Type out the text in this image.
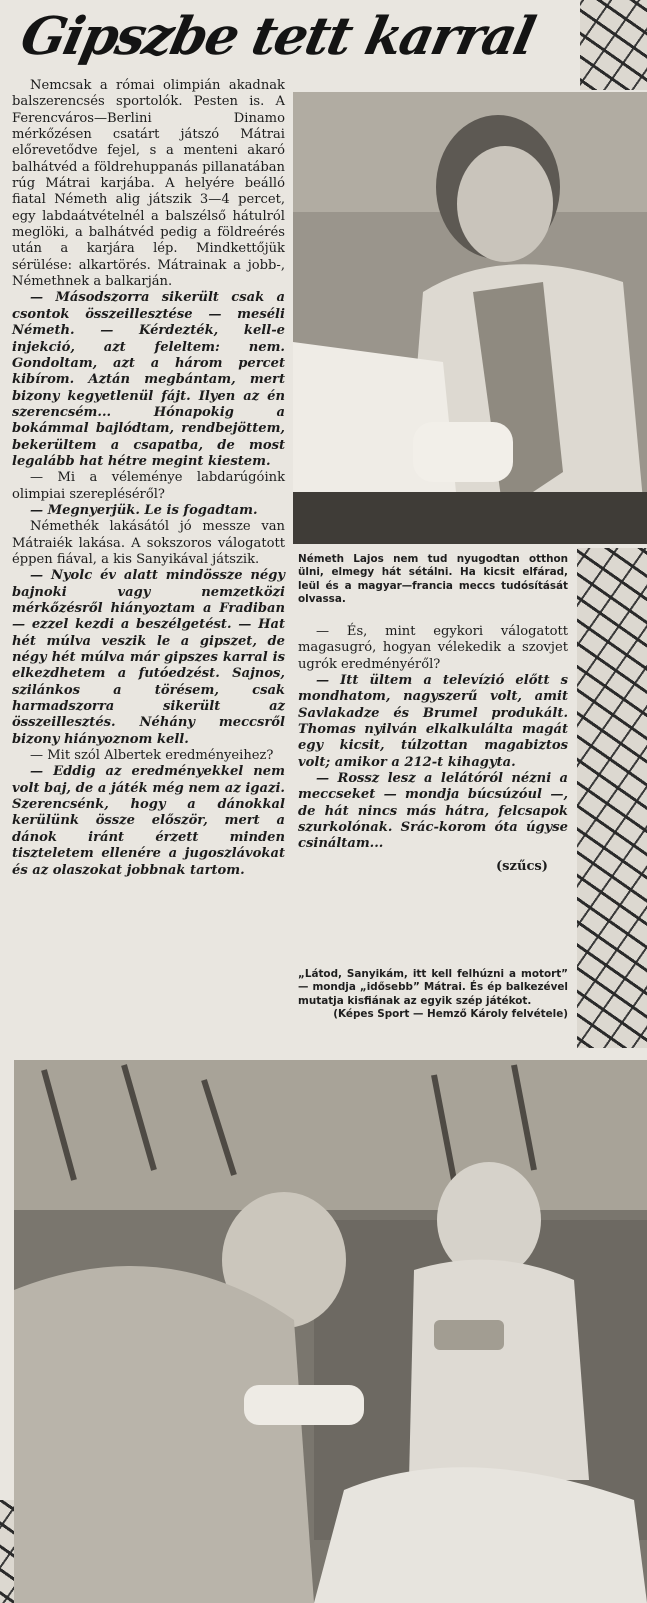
Gipszbe tett karral

Nemcsak a római olimpián akadnak balszerencsés sportolók. Pesten is. A Ferencváros—Berlini Dinamo mérkőzésen csatárt játszó Mátrai előrevetődve fejel, s a menteni akaró balhátvéd a földrehuppanás pillanatában rúg Mátrai karjába. A helyére beálló fiatal Németh alig játszik 3—4 percet, egy labdaátvételnél a balszélső hátulról meglöki, a balhátvéd pedig a földreérés után a karjára lép. Mindkettőjük sérülése: alkartörés. Mátrainak a jobb-, Némethnek a balkarján.

— Másodszorra sikerült csak a csontok összeillesztése — meséli Németh. — Kérdezték, kell-e injekció, azt feleltem: nem. Gondoltam, azt a három percet kibírom. Aztán megbántam, mert bizony kegyetlenül fájt. Ilyen az én szerencsém... Hónapokig a bokámmal bajlódtam, rendbejöttem, bekerültem a csapatba, de most legalább hat hétre megint kiestem.

— Mi a véleménye labdarúgóink olimpiai szerepléséről?

— Megnyerjük. Le is fogadtam.

Némethék lakásától jó messze van Mátraiék lakása. A sokszoros válogatott éppen fiával, a kis Sanyikával játszik.

— Nyolc év alatt mindössze négy bajnoki vagy nemzetközi mérkőzésről hiányoztam a Fradiban — ezzel kezdi a beszélgetést. — Hat hét múlva veszik le a gipszet, de négy hét múlva már gipszes karral is elkezdhetem a futóedzést. Sajnos, szilánkos a törésem, csak harmadszorra sikerült az összeillesztés. Néhány meccsről bizony hiányoznom kell.

— Mit szól Albertek eredményeihez?

— Eddig az eredményekkel nem volt baj, de a játék még nem az igazi. Szerencsénk, hogy a dánokkal kerülünk össze először, mert a dánok iránt érzett minden tiszteletem ellenére a jugoszlávokat és az olaszokat jobbnak tartom.

Németh Lajos nem tud nyugodtan otthon ülni, elmegy hát sétálni. Ha kicsit elfárad, leül és a magyar—francia meccs tudósítását olvassa.

— És, mint egykori válogatott magasugró, hogyan vélekedik a szovjet ugrók eredményéről?

— Itt ültem a televízió előtt s mondhatom, nagyszerű volt, amit Savlakadze és Brumel produkált. Thomas nyilván elkalkulálta magát egy kicsit, túlzottan magabiztos volt; amikor a 212-t kihagyta.

— Rossz lesz a lelátóról nézni a meccseket — mondja búcsúzóul —, de hát nincs más hátra, felcsapok szurkolónak. Srác-korom óta úgyse csináltam...

(szűcs)

„Látod, Sanyikám, itt kell felhúzni a motort” — mondja „idősebb” Mátrai. És ép balkezével mutatja kisfiának az egyik szép játékot.
(Képes Sport — Hemző Károly felvétele)
